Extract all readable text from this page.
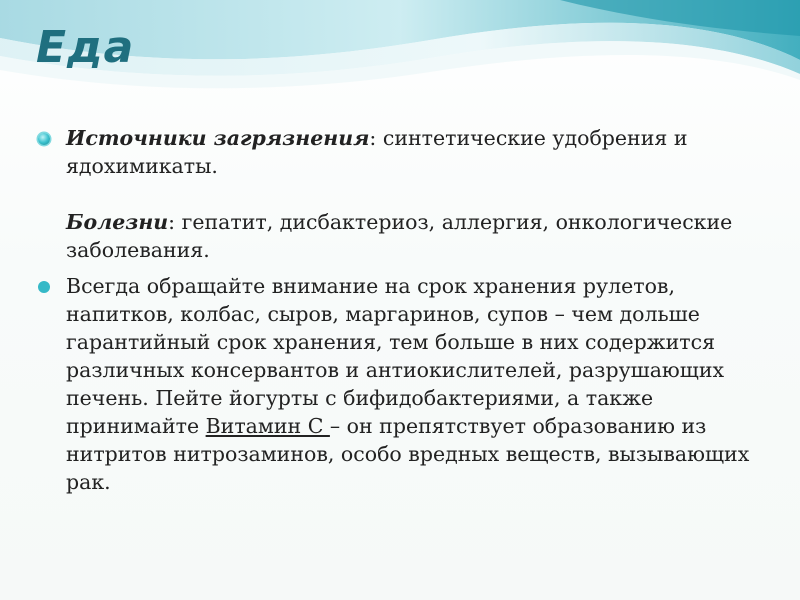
Еда
Источники загрязнения: синтетические удобрения и ядохимикаты.
Болезни: гепатит, дисбактериоз, аллергия, онкологические заболевания.
Всегда обращайте внимание на срок хранения рулетов, напитков, колбас, сыров, маргаринов, супов – чем дольше гарантийный срок хранения, тем больше в них содержится различных консервантов и антиокислителей, разрушающих печень. Пейте йогурты с бифидобактериями, а также принимайте Витамин С – он препятствует образованию из нитритов нитрозаминов, особо вредных веществ, вызывающих рак.
